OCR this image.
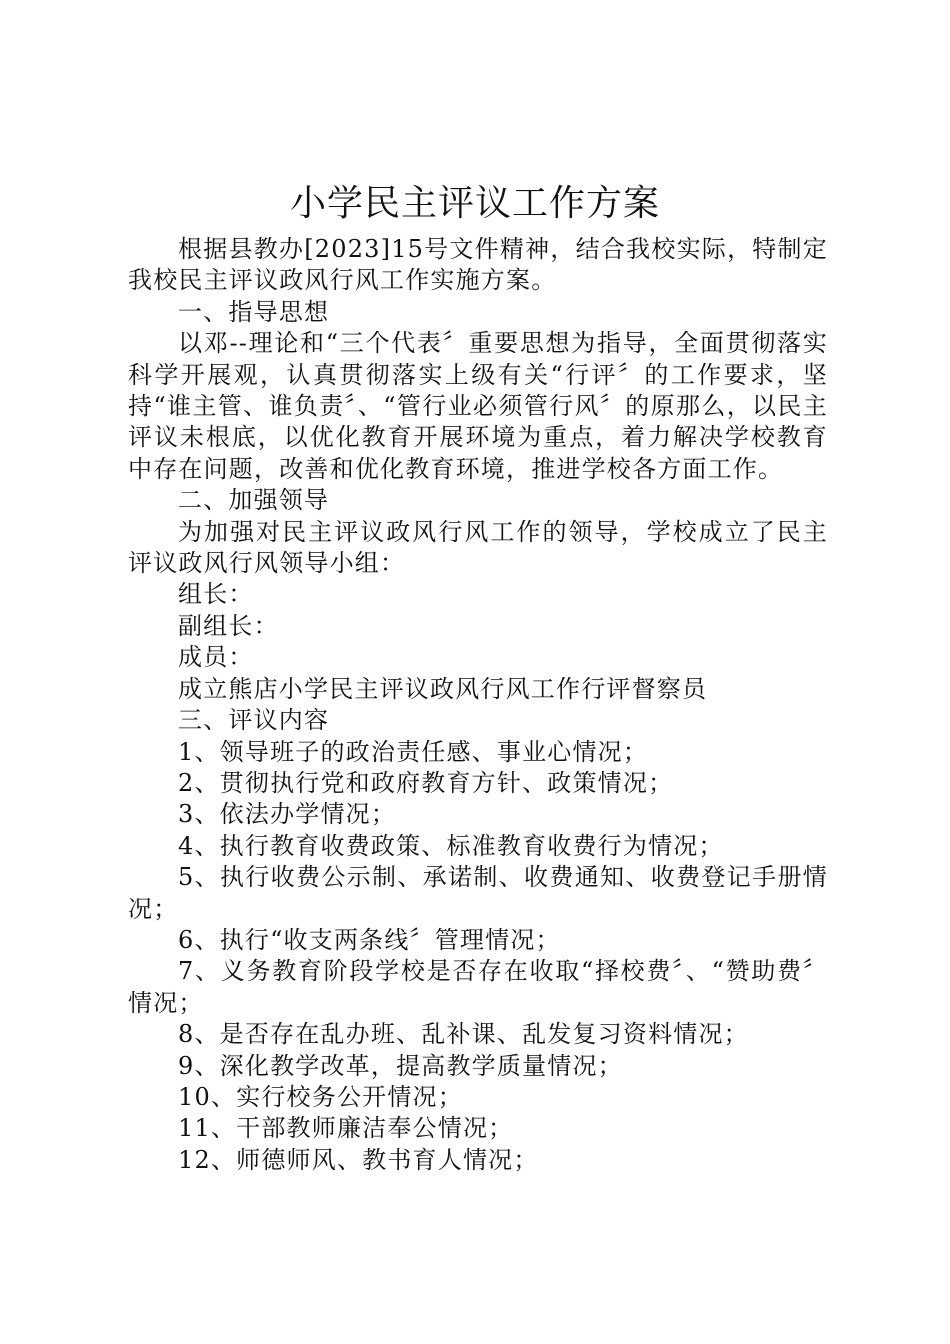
小学民主评议工作方案

根据县教办[2023]15号文件精神，结合我校实际，特制定我校民主评议政风行风工作实施方案。

一、指导思想

以邓--理论和“三个代表〞重要思想为指导，全面贯彻落实科学开展观，认真贯彻落实上级有关“行评〞的工作要求，坚持“谁主管、谁负责〞、“管行业必须管行风〞的原那么，以民主评议未根底，以优化教育开展环境为重点，着力解决学校教育中存在问题，改善和优化教育环境，推进学校各方面工作。

二、加强领导

为加强对民主评议政风行风工作的领导，学校成立了民主评议政风行风领导小组：

组长：

副组长：

成员：

成立熊店小学民主评议政风行风工作行评督察员

三、评议内容

1、领导班子的政治责任感、事业心情况；

2、贯彻执行党和政府教育方针、政策情况；

3、依法办学情况；

4、执行教育收费政策、标准教育收费行为情况；

5、执行收费公示制、承诺制、收费通知、收费登记手册情况；

6、执行“收支两条线〞管理情况；

7、义务教育阶段学校是否存在收取“择校费〞、“赞助费〞情况；

8、是否存在乱办班、乱补课、乱发复习资料情况；

9、深化教学改革，提高教学质量情况；

10、实行校务公开情况；

11、干部教师廉洁奉公情况；

12、师德师风、教书育人情况；
